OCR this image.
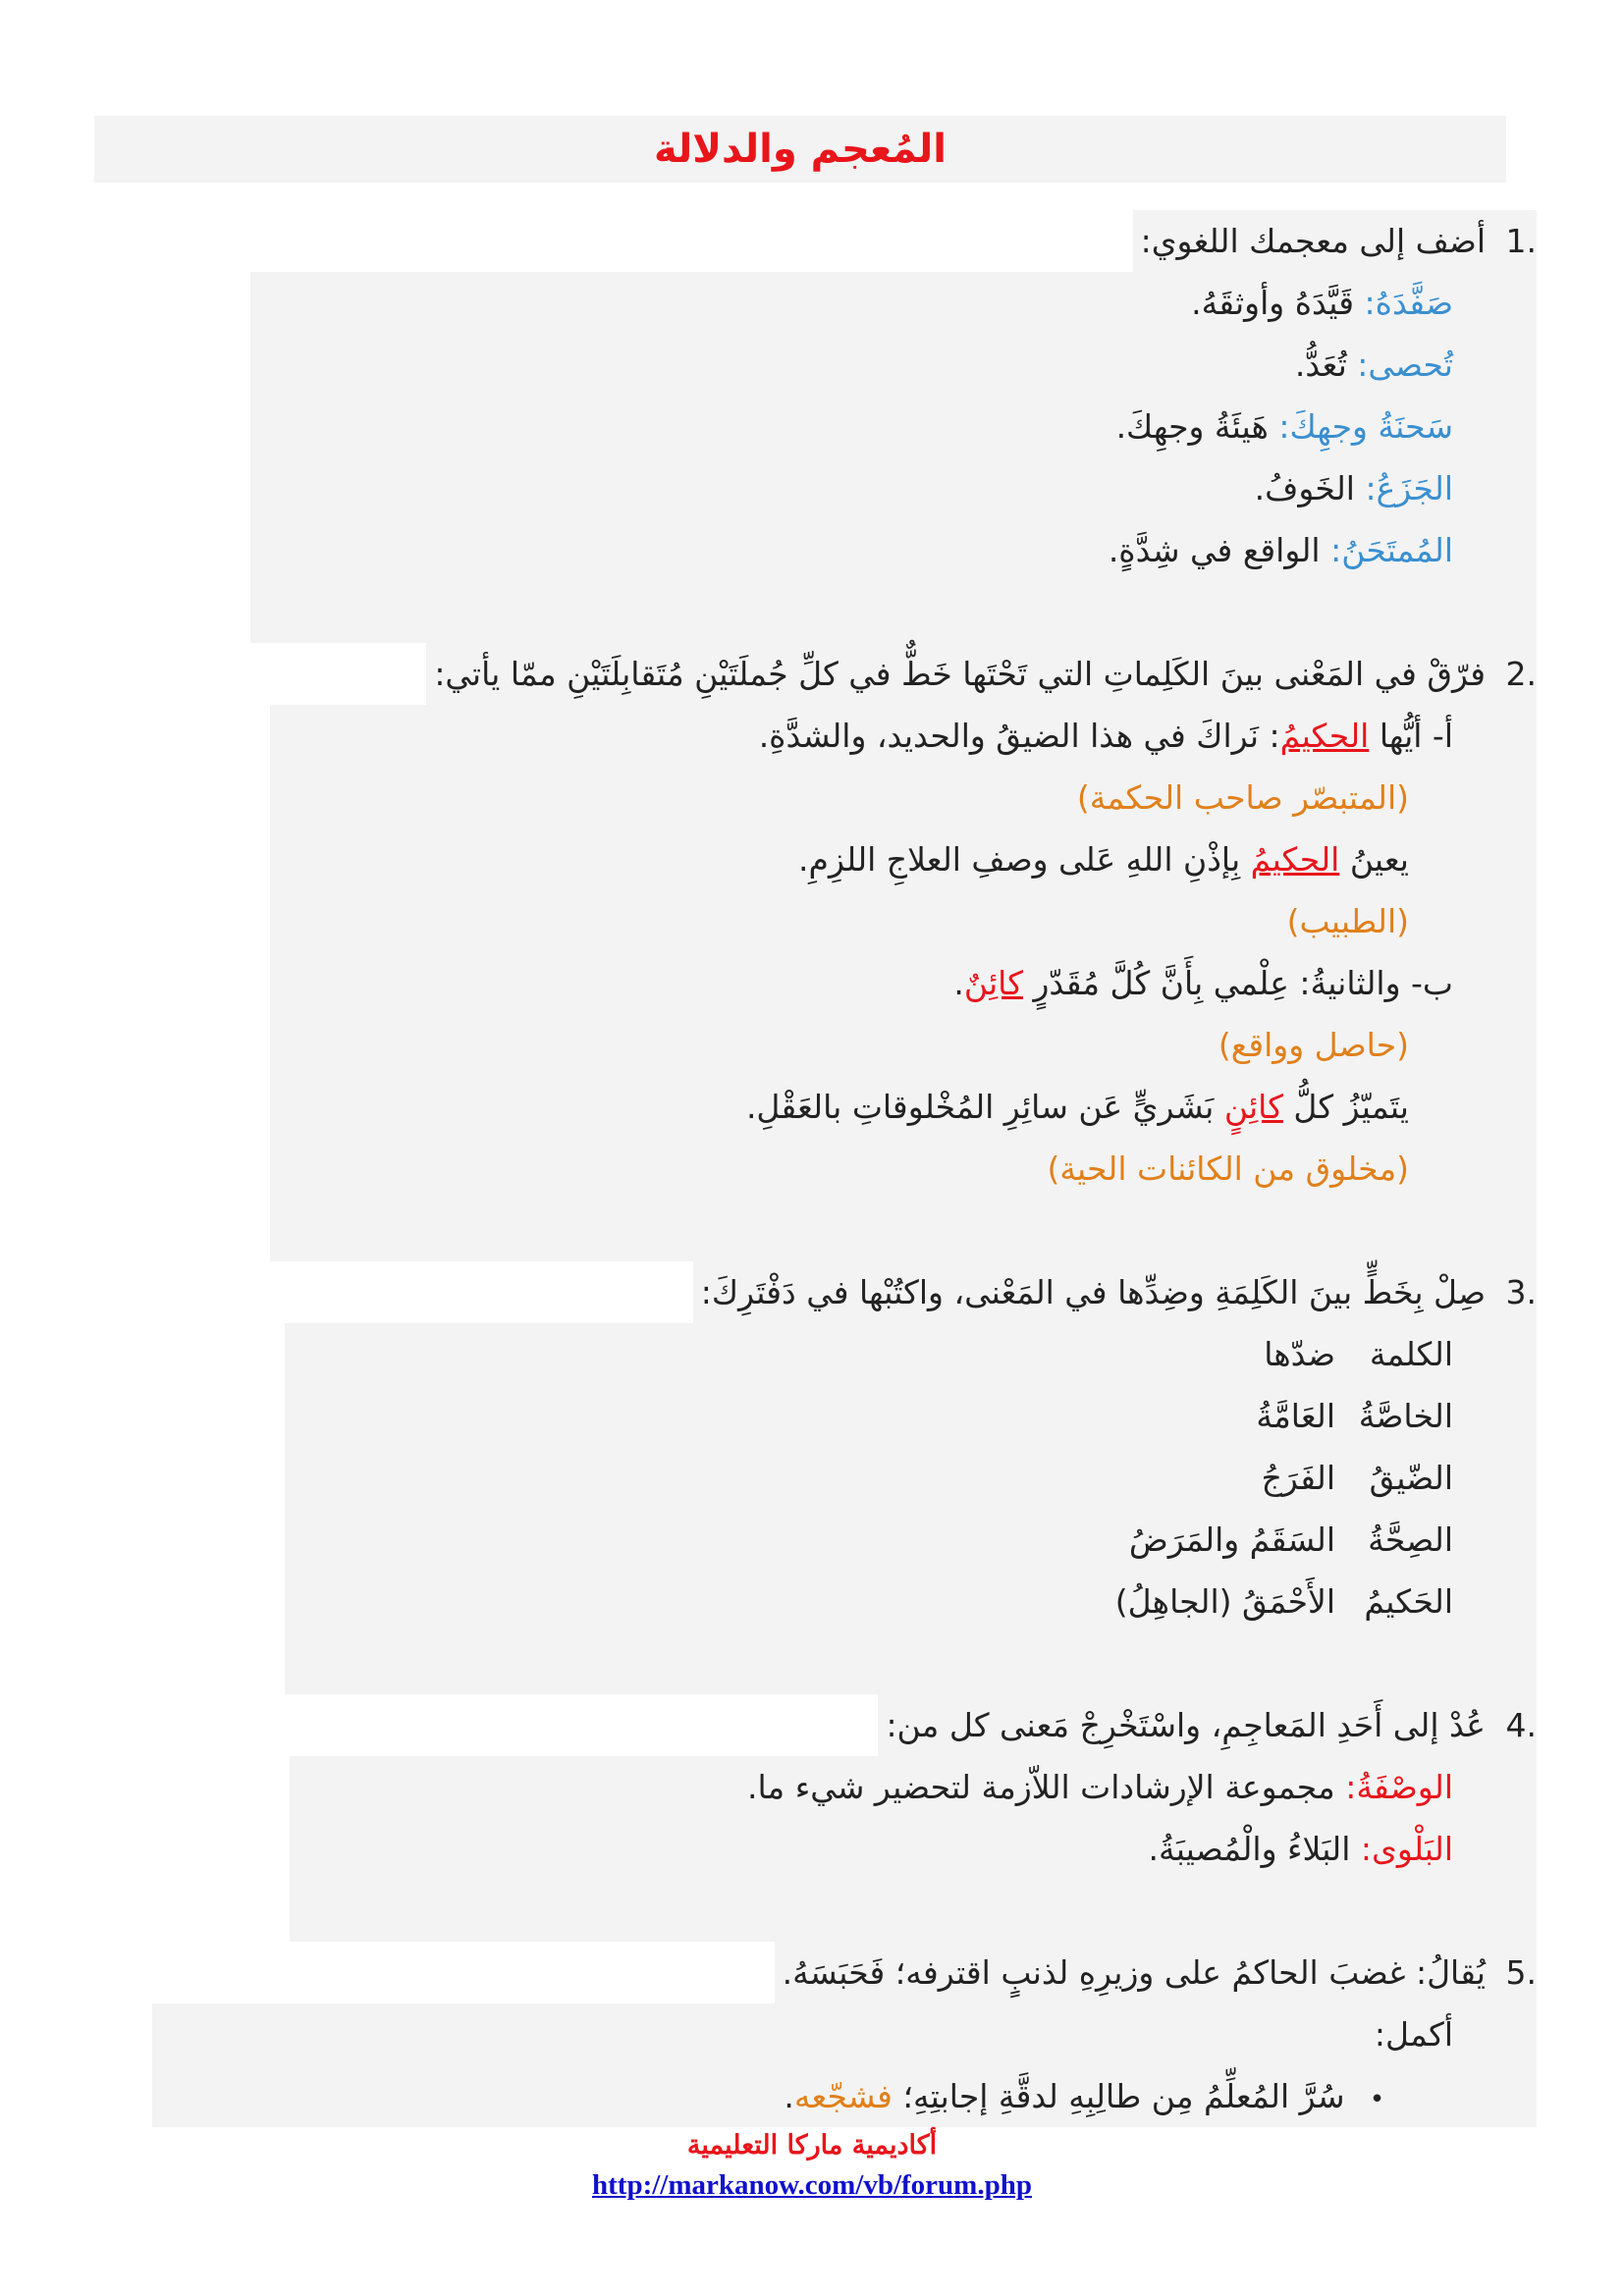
المُعجم والدلالة
.1
أضف إلى معجمك اللغوي:
صَفَّدَهُ: قَيَّدَهُ وأوثقَهُ.
تُحصى: تُعَدُّ.
سَحنَةُ وجهِكَ: هَيئَةُ وجهِكَ.
الجَزَعُ: الخَوفُ.
المُمتَحَنُ: الواقع في شِدَّةٍ.
.2
فرّقْ في المَعْنى بينَ الكَلِماتِ التي تَحْتَها خَطٌّ في كلِّ جُملَتَيْنِ مُتَقابِلَتَيْنِ ممّا يأتي:
أ- أيُّها الحكيمُ: نَراكَ في هذا الضيقُ والحديد، والشدَّةِ.
(المتبصّر صاحب الحكمة)
يعينُ الحكيمُ بِإذْنِ اللهِ عَلى وصفِ العلاجِ اللزِمِ.
(الطبيب)
ب- والثانيةُ: عِلْمي بِأَنَّ كُلَّ مُقَدّرٍ كائِنٌ.
(حاصل وواقع)
يتَميّزُ كلُّ كائِنٍ بَشَريٍّ عَن سائِرِ المُخْلوقاتِ بالعَقْلِ.
(مخلوق من الكائنات الحية)
.3
صِلْ بِخَطٍّ بينَ الكَلِمَةِ وضِدِّها في المَعْنى، واكتُبْها في دَفْتَرِكَ:
الكلمة
ضدّها
الخاصَّةُ
العَامَّةُ
الضّيقُ
الفَرَجُ
الصِحَّةُ
السَقَمُ والمَرَضُ
الحَكيمُ
الأَحْمَقُ (الجاهِلُ)
.4
عُدْ إلى أَحَدِ المَعاجِمِ، واسْتَخْرِجْ مَعنى كل من:
الوصْفَةُ: مجموعة الإرشادات اللاّزمة لتحضير شيء ما.
البَلْوى: البَلاءُ والْمُصيبَةُ.
.5
يُقالُ: غضبَ الحاكمُ على وزيرِهِ لذنبٍ اقترفه؛ فَحَبَسَهُ.
أكمل:
• سُرَّ المُعلِّمُ مِن طالِبِهِ لدقَّةِ إجابتِهِ؛ فشجّعه.
أكاديمية ماركا التعليمية
http://markanow.com/vb/forum.php
